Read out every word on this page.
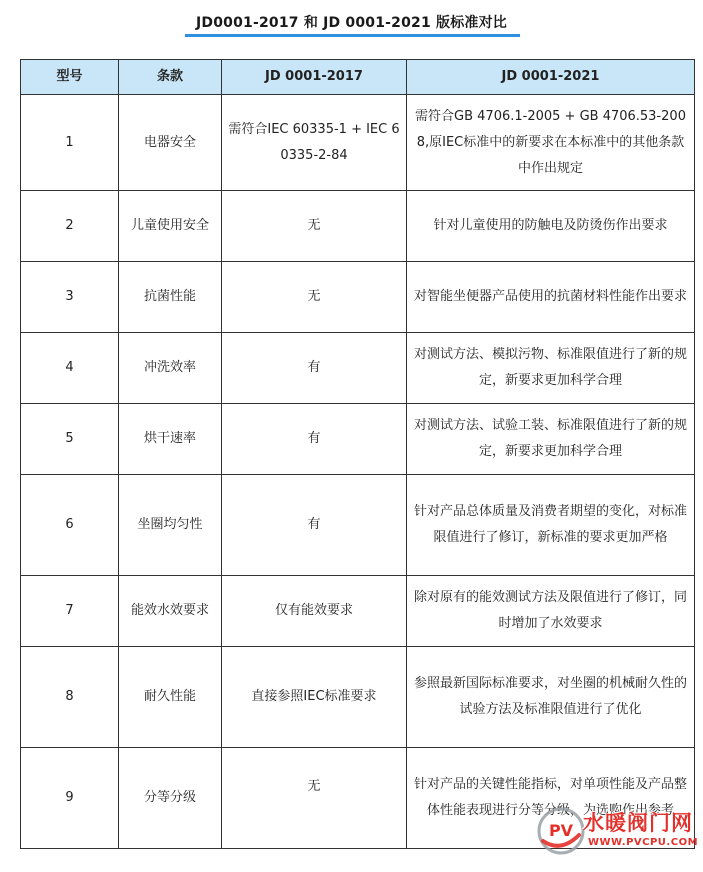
JD0001-2017 和 JD 0001-2021 版标准对比
型号	条款	JD 0001-2017	JD 0001-2021
1	电器安全	需符合IEC 60335-1 + IEC 60335-2-84	需符合GB 4706.1-2005 + GB 4706.53-2008,原IEC标准中的新要求在本标准中的其他条款中作出规定
2	儿童使用安全	无	针对儿童使用的防触电及防烫伤作出要求
3	抗菌性能	无	对智能坐便器产品使用的抗菌材料性能作出要求
4	冲洗效率	有	对测试方法、模拟污物、标准限值进行了新的规定，新要求更加科学合理
5	烘干速率	有	对测试方法、试验工装、标准限值进行了新的规定，新要求更加科学合理
6	坐圈均匀性	有	针对产品总体质量及消费者期望的变化，对标准限值进行了修订，新标准的要求更加严格
7	能效水效要求	仅有能效要求	除对原有的能效测试方法及限值进行了修订，同时增加了水效要求
8	耐久性能	直接参照IEC标准要求	参照最新国际标准要求，对坐圈的机械耐久性的试验方法及标准限值进行了优化
9	分等分级	无	针对产品的关键性能指标，对单项性能及产品整体性能表现进行分等分级，为选购作出参考
PV 水暖阀门网
WWW.PVCPU.COM
